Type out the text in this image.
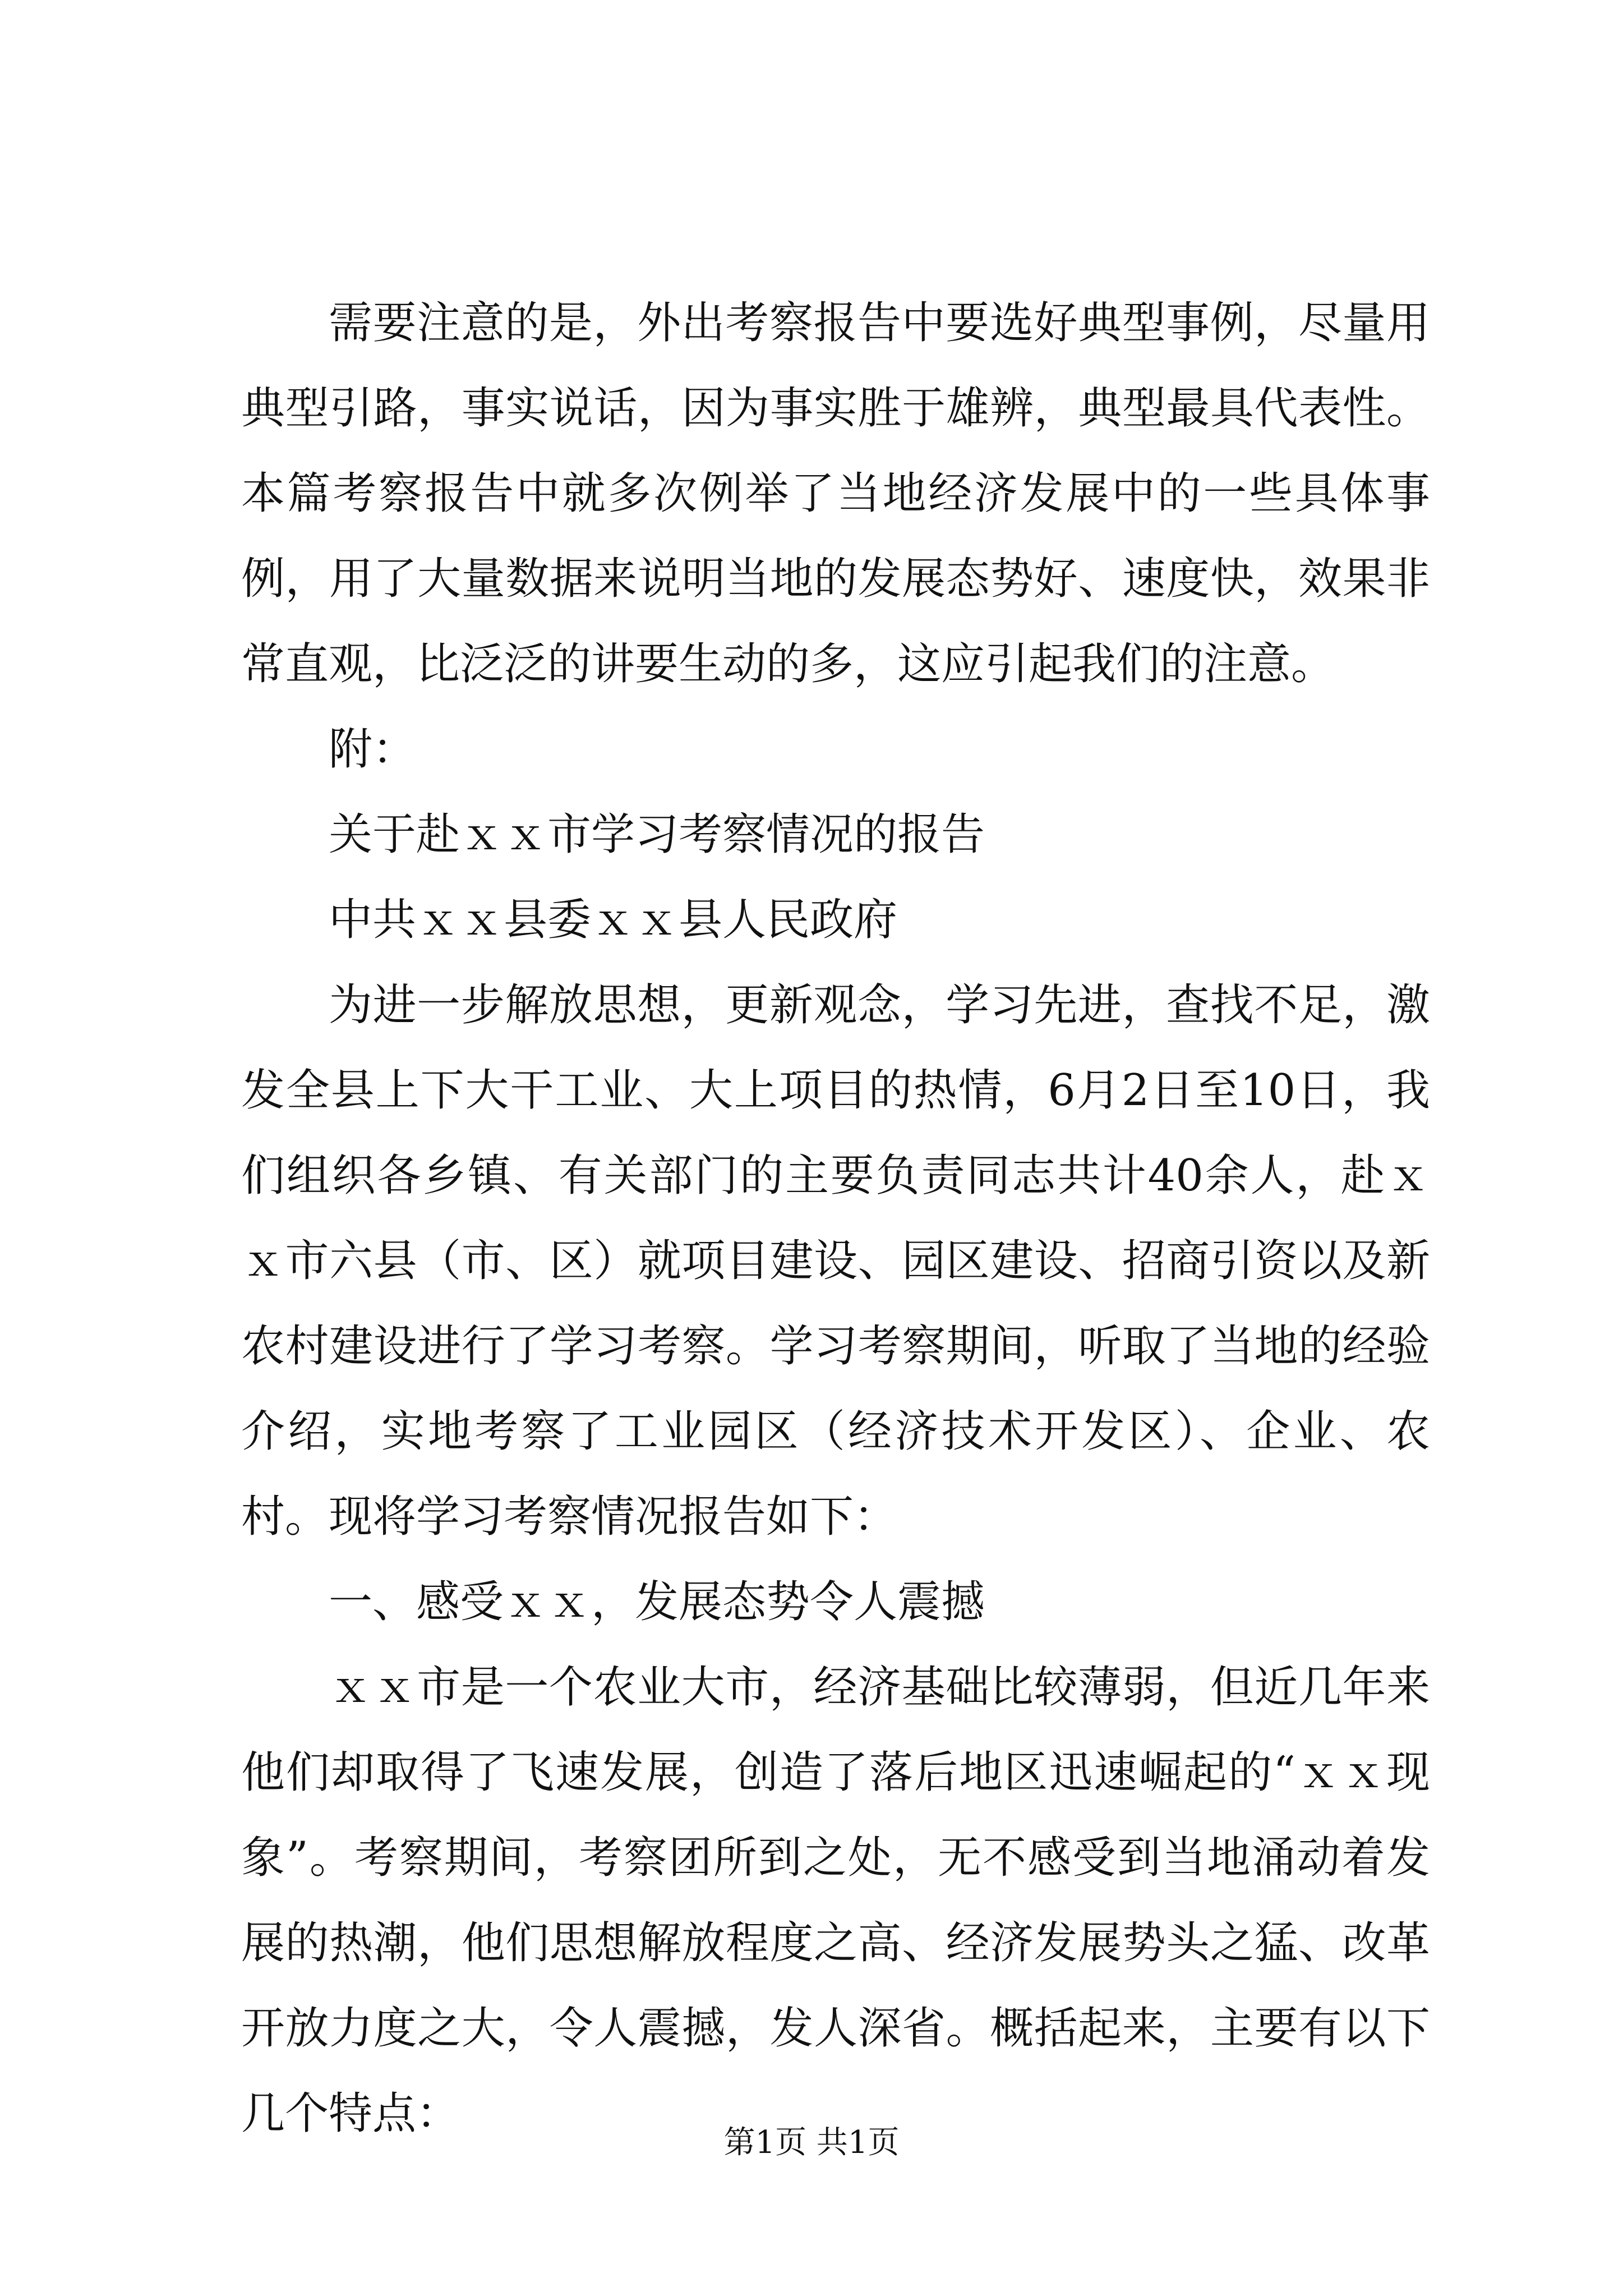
需要注意的是，外出考察报告中要选好典型事例，尽量用典型引路，事实说话，因为事实胜于雄辨，典型最具代表性。本篇考察报告中就多次例举了当地经济发展中的一些具体事例，用了大量数据来说明当地的发展态势好、速度快，效果非常直观，比泛泛的讲要生动的多，这应引起我们的注意。

附：

关于赴ｘｘ市学习考察情况的报告

中共ｘｘ县委ｘｘ县人民政府

为进一步解放思想，更新观念，学习先进，查找不足，激发全县上下大干工业、大上项目的热情，6月2日至10日，我们组织各乡镇、有关部门的主要负责同志共计40余人，赴ｘｘ市六县（市、区）就项目建设、园区建设、招商引资以及新农村建设进行了学习考察。学习考察期间，听取了当地的经验介绍，实地考察了工业园区（经济技术开发区）、企业、农村。现将学习考察情况报告如下：

一、感受ｘｘ，发展态势令人震撼

ｘｘ市是一个农业大市，经济基础比较薄弱，但近几年来他们却取得了飞速发展，创造了落后地区迅速崛起的“ｘｘ现象”。考察期间，考察团所到之处，无不感受到当地涌动着发展的热潮，他们思想解放程度之高、经济发展势头之猛、改革开放力度之大，令人震撼，发人深省。概括起来，主要有以下几个特点：

第1页 共1页
